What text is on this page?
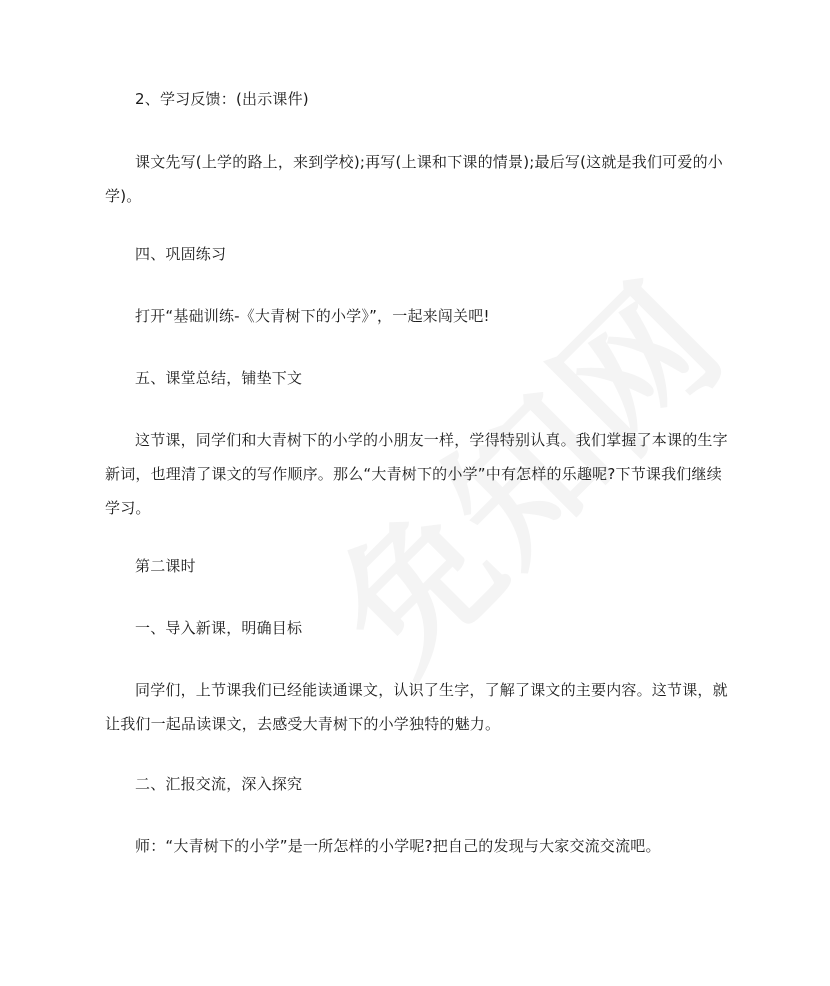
2、学习反馈：(出示课件)

课文先写(上学的路上，来到学校);再写(上课和下课的情景);最后写(这就是我们可爱的小学)。

四、巩固练习

打开“基础训练-《大青树下的小学》”，一起来闯关吧!

五、课堂总结，铺垫下文

这节课，同学们和大青树下的小学的小朋友一样，学得特别认真。我们掌握了本课的生字新词，也理清了课文的写作顺序。那么“大青树下的小学”中有怎样的乐趣呢?下节课我们继续学习。

第二课时

一、导入新课，明确目标

同学们，上节课我们已经能读通课文，认识了生字，了解了课文的主要内容。这节课，就让我们一起品读课文，去感受大青树下的小学独特的魅力。

二、汇报交流，深入探究

师：“大青树下的小学”是一所怎样的小学呢?把自己的发现与大家交流交流吧。
